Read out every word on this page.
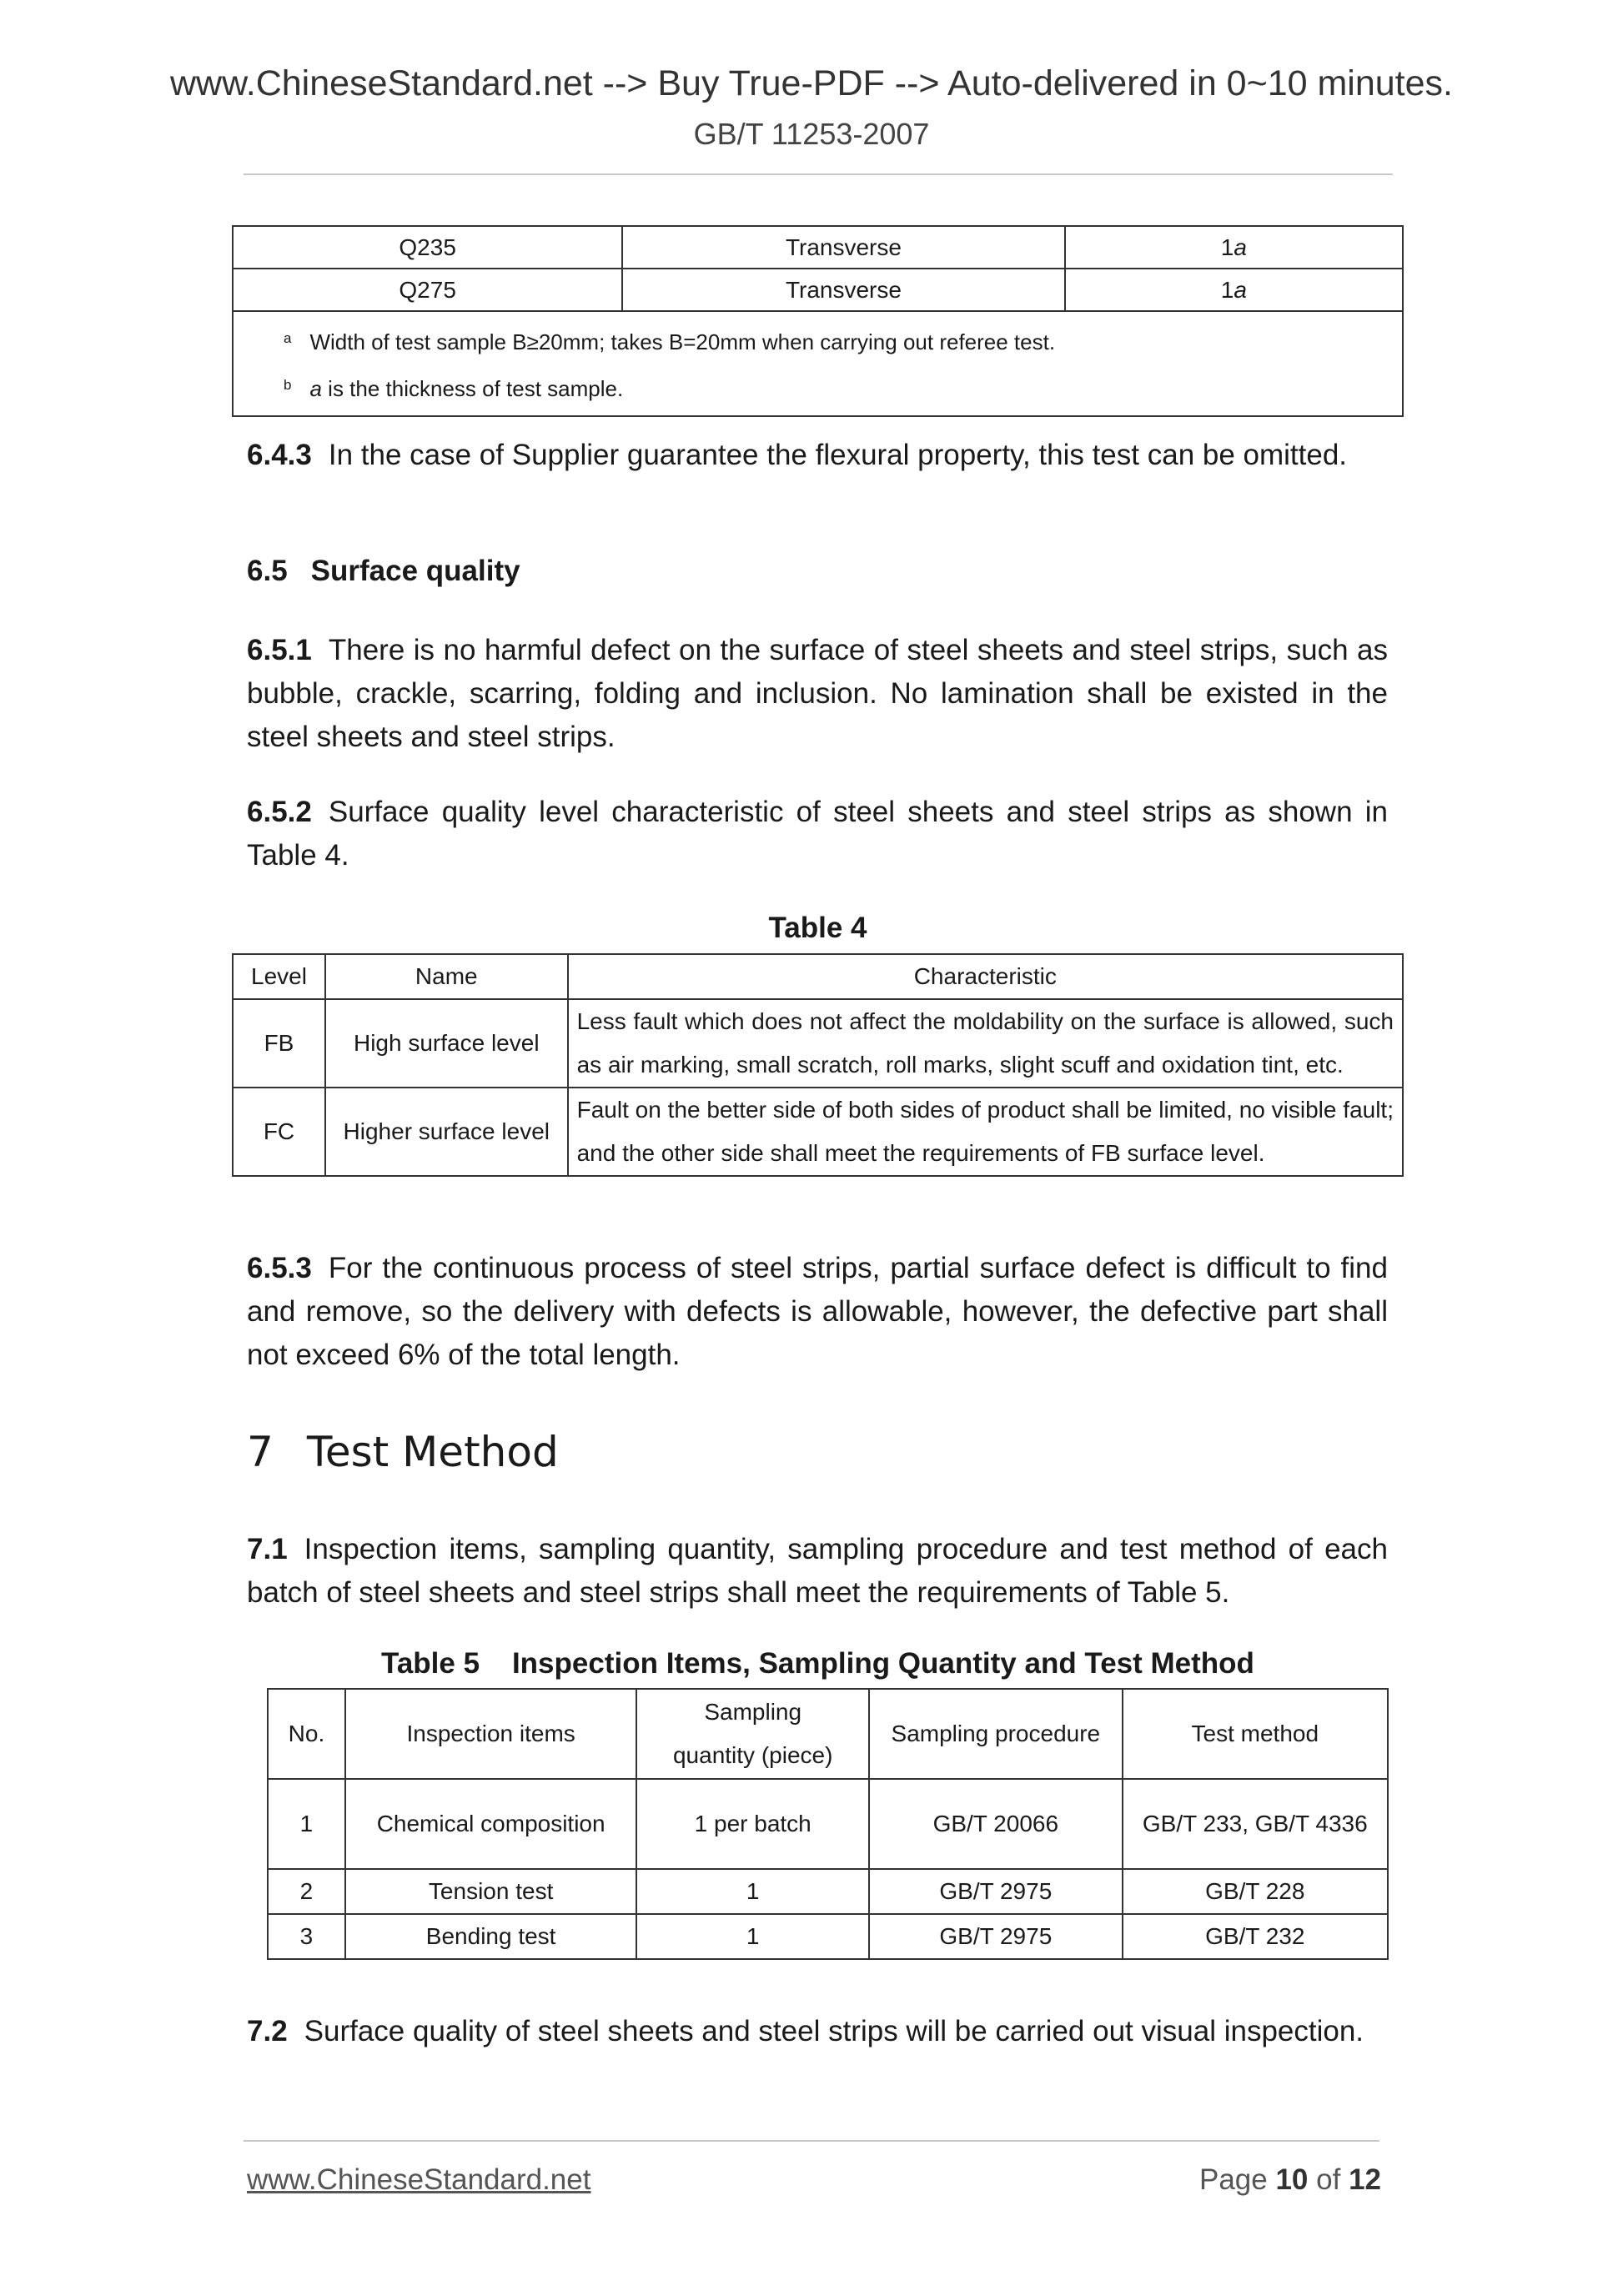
www.ChineseStandard.net --> Buy True-PDF --> Auto-delivered in 0~10 minutes.
GB/T 11253-2007
Q235	Transverse	1a
Q275	Transverse	1a

$^a$ Width of test sample B≥20mm; takes B=20mm when carrying out referee test.
$^b$ a is the thickness of test sample.		
6.4.3 In the case of Supplier guarantee the flexural property, this test can be omitted.
6.5 Surface quality
6.5.1 There is no harmful defect on the surface of steel sheets and steel strips, such as bubble, crackle, scarring, folding and inclusion. No lamination shall be existed in the steel sheets and steel strips.
6.5.2 Surface quality level characteristic of steel sheets and steel strips as shown in Table 4.
Table 4
Level	Name	Characteristic
FB	High surface level	Less fault which does not affect the moldability on the surface is allowed, such as air marking, small scratch, roll marks, slight scuff and oxidation tint, etc.
FC	Higher surface level	Fault on the better side of both sides of product shall be limited, no visible fault; and the other side shall meet the requirements of FB surface level.
6.5.3 For the continuous process of steel strips, partial surface defect is difficult to find and remove, so the delivery with defects is allowable, however, the defective part shall not exceed 6% of the total length.
7 Test Method
7.1 Inspection items, sampling quantity, sampling procedure and test method of each batch of steel sheets and steel strips shall meet the requirements of Table 5.
Table 5    Inspection Items, Sampling Quantity and Test Method
No.	Inspection items	Sampling quantity (piece)	Sampling procedure	Test method
1	Chemical composition	1 per batch	GB/T 20066	GB/T 233, GB/T 4336
2	Tension test	1	GB/T 2975	GB/T 228
3	Bending test	1	GB/T 2975	GB/T 232
7.2 Surface quality of steel sheets and steel strips will be carried out visual inspection.
www.ChineseStandard.net	Page 10 of 12
